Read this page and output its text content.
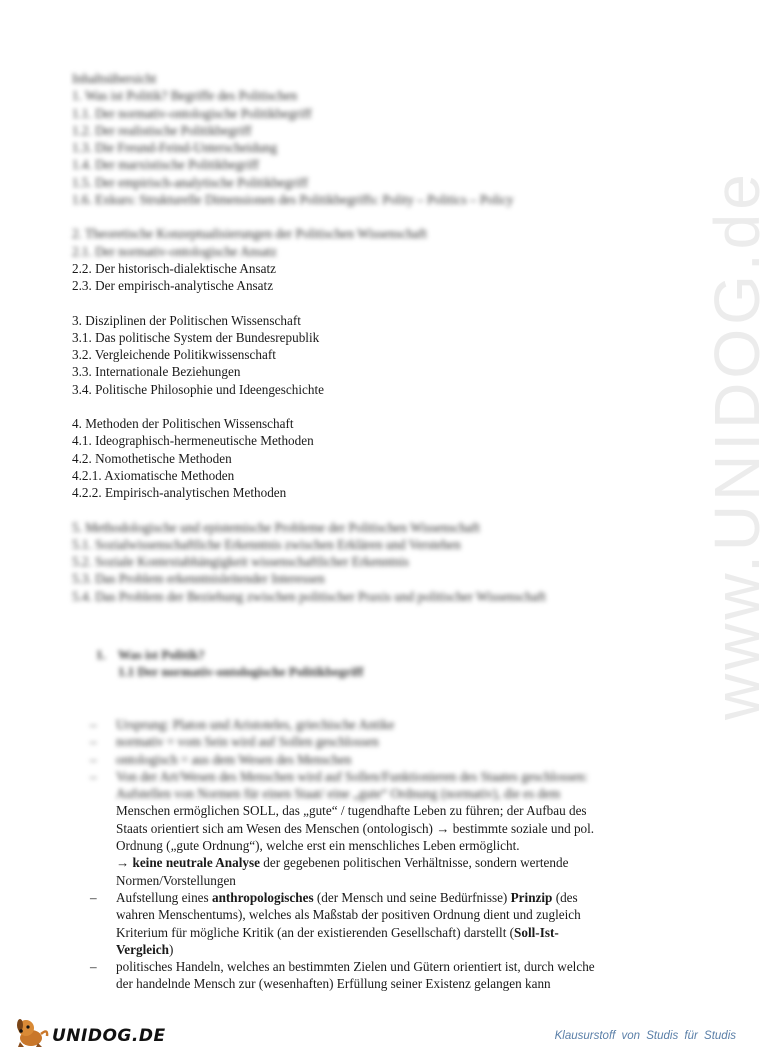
www.UNIDOG.de
Inhaltsübersicht
1. Was ist Politik? Begriffe des Politischen
1.1. Der normativ-ontologische Politikbegriff
1.2. Der realistische Politikbegriff
1.3. Die Freund-Feind-Unterscheidung
1.4. Der marxistische Politikbegriff
1.5. Der empirisch-analytische Politikbegriff
1.6. Exkurs: Strukturelle Dimensionen des Politikbegriffs: Polity – Politics – Policy
2. Theoretische Konzeptualisierungen der Politischen Wissenschaft
2.1. Der normativ-ontologische Ansatz
2.2. Der historisch-dialektische Ansatz
2.3. Der empirisch-analytische Ansatz
3. Disziplinen der Politischen Wissenschaft
3.1. Das politische System der Bundesrepublik
3.2. Vergleichende Politikwissenschaft
3.3. Internationale Beziehungen
3.4. Politische Philosophie und Ideengeschichte
4. Methoden der Politischen Wissenschaft
4.1. Ideographisch-hermeneutische Methoden
4.2. Nomothetische Methoden
4.2.1. Axiomatische Methoden
4.2.2. Empirisch-analytischen Methoden
5. Methodologische und epistemische Probleme der Politischen Wissenschaft
5.1. Sozialwissenschaftliche Erkenntnis zwischen Erklären und Verstehen
5.2. Soziale Kontextabhängigkeit wissenschaftlicher Erkenntnis
5.3. Das Problem erkenntnisleitender Interessen
5.4. Das Problem der Beziehung zwischen politischer Praxis und politischer Wissenschaft
1. Was ist Politik?
1.1 Der normativ-ontologische Politikbegriff
– Ursprung: Platon und Aristoteles, griechische Antike
– normativ = vom Sein wird auf Sollen geschlossen
– ontologisch = aus dem Wesen des Menschen
– Von der Art/Wesen des Menschen wird auf Sollen/Funktionieren des Staates geschlossen:
Aufstellen von Normen für einen Staat/ eine „gute“ Ordnung (normativ), die es dem
Menschen ermöglichen SOLL, das „gute“ / tugendhafte Leben zu führen; der Aufbau des
Staats orientiert sich am Wesen des Menschen (ontologisch) → bestimmte soziale und pol.
Ordnung („gute Ordnung“), welche erst ein menschliches Leben ermöglicht.
→ keine neutrale Analyse der gegebenen politischen Verhältnisse, sondern wertende
Normen/Vorstellungen
– Aufstellung eines anthropologisches (der Mensch und seine Bedürfnisse) Prinzip (des
wahren Menschentums), welches als Maßstab der positiven Ordnung dient und zugleich
Kriterium für mögliche Kritik (an der existierenden Gesellschaft) darstellt (Soll-Ist-
Vergleich)
– politisches Handeln, welches an bestimmten Zielen und Gütern orientiert ist, durch welche
der handelnde Mensch zur (wesenhaften) Erfüllung seiner Existenz gelangen kann
UNIDOG.DE	Klausurstoff von Studis für Studis
